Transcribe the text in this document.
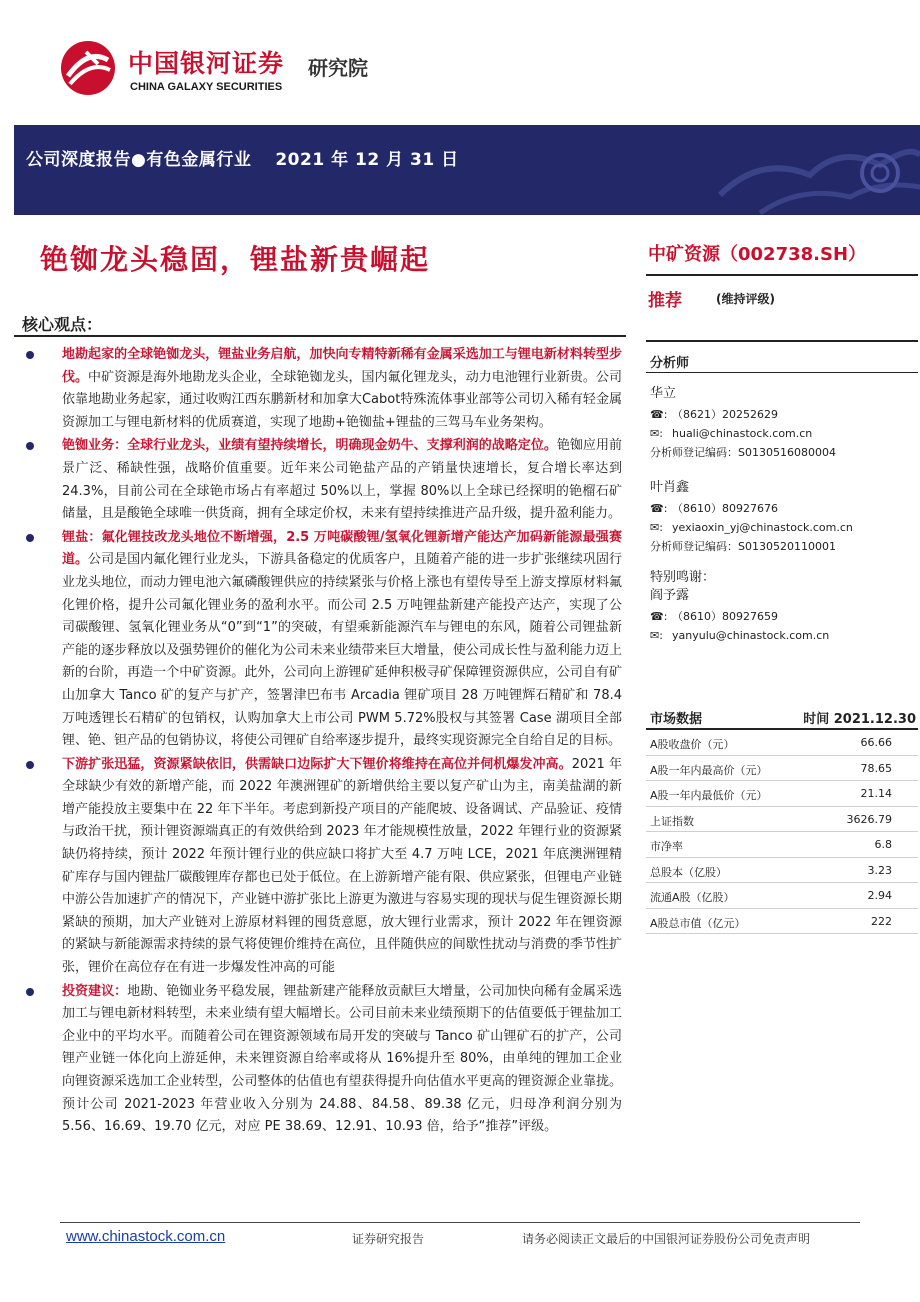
中国银河证券
CHINA GALAXY SECURITIES
研究院
公司深度报告●有色金属行业 2021 年 12 月 31 日
铯铷龙头稳固，锂盐新贵崛起
核心观点：
地勘起家的全球铯铷龙头，锂盐业务启航，加快向专精特新稀有金属采选加工与锂电新材料转型步伐。中矿资源是海外地勘龙头企业，全球铯铷龙头，国内氟化锂龙头，动力电池锂行业新贵。公司依靠地勘业务起家，通过收购江西东鹏新材和加拿大Cabot特殊流体事业部等公司切入稀有轻金属资源加工与锂电新材料的优质赛道，实现了地勘+铯铷盐+锂盐的三驾马车业务架构。
铯铷业务：全球行业龙头，业绩有望持续增长，明确现金奶牛、支撑利润的战略定位。铯铷应用前景广泛、稀缺性强，战略价值重要。近年来公司铯盐产品的产销量快速增长，复合增长率达到 24.3%，目前公司在全球铯市场占有率超过 50%以上，掌握 80%以上全球已经探明的铯榴石矿储量，且是酸铯全球唯一供货商，拥有全球定价权，未来有望持续推进产品升级，提升盈利能力。
锂盐：氟化锂技改龙头地位不断增强，2.5 万吨碳酸锂/氢氧化锂新增产能达产加码新能源最强赛道。公司是国内氟化锂行业龙头，下游具备稳定的优质客户，且随着产能的进一步扩张继续巩固行业龙头地位，而动力锂电池六氟磷酸锂供应的持续紧张与价格上涨也有望传导至上游支撑原材料氟化锂价格，提升公司氟化锂业务的盈利水平。而公司 2.5 万吨锂盐新建产能投产达产，实现了公司碳酸锂、氢氧化锂业务从“0”到“1”的突破，有望乘新能源汽车与锂电的东风，随着公司锂盐新产能的逐步释放以及强势锂价的催化为公司未来业绩带来巨大增量，使公司成长性与盈利能力迈上新的台阶，再造一个中矿资源。此外，公司向上游锂矿延伸积极寻矿保障锂资源供应，公司自有矿山加拿大 Tanco 矿的复产与扩产，签署津巴布韦 Arcadia 锂矿项目 28 万吨锂辉石精矿和 78.4 万吨透锂长石精矿的包销权，认购加拿大上市公司 PWM 5.72%股权与其签署 Case 湖项目全部锂、铯、钽产品的包销协议，将使公司锂矿自给率逐步提升，最终实现资源完全自给自足的目标。
下游扩张迅猛，资源紧缺依旧，供需缺口边际扩大下锂价将维持在高位并伺机爆发冲高。2021 年全球缺少有效的新增产能，而 2022 年澳洲锂矿的新增供给主要以复产矿山为主，南美盐湖的新增产能投放主要集中在 22 年下半年。考虑到新投产项目的产能爬坡、设备调试、产品验证、疫情与政治干扰，预计锂资源端真正的有效供给到 2023 年才能规模性放量，2022 年锂行业的资源紧缺仍将持续，预计 2022 年预计锂行业的供应缺口将扩大至 4.7 万吨 LCE，2021 年底澳洲锂精矿库存与国内锂盐厂碳酸锂库存都也已处于低位。在上游新增产能有限、供应紧张，但锂电产业链中游公告加速扩产的情况下，产业链中游扩张比上游更为激进与容易实现的现状与促生锂资源长期紧缺的预期，加大产业链对上游原材料锂的囤货意愿，放大锂行业需求，预计 2022 年在锂资源的紧缺与新能源需求持续的景气将使锂价维持在高位，且伴随供应的间歇性扰动与消费的季节性扩张，锂价在高位存在有进一步爆发性冲高的可能
投资建议：地勘、铯铷业务平稳发展，锂盐新建产能释放贡献巨大增量，公司加快向稀有金属采选加工与锂电新材料转型，未来业绩有望大幅增长。公司目前未来业绩预期下的估值要低于锂盐加工企业中的平均水平。而随着公司在锂资源领域布局开发的突破与 Tanco 矿山锂矿石的扩产，公司锂产业链一体化向上游延伸，未来锂资源自给率或将从 16%提升至 80%，由单纯的锂加工企业向锂资源采选加工企业转型，公司整体的估值也有望获得提升向估值水平更高的锂资源企业靠拢。预计公司 2021-2023 年营业收入分别为 24.88、84.58、89.38 亿元，归母净利润分别为 5.56、16.69、19.70 亿元，对应 PE 38.69、12.91、10.93 倍，给予“推荐”评级。
中矿资源（002738.SH）
推荐	(维持评级)
分析师
华立
☎: （8621）20252629
✉: huali@chinastock.com.cn
分析师登记编码：S0130516080004
叶肖鑫
☎: （8610）80927676
✉: yexiaoxin_yj@chinastock.com.cn
分析师登记编码：S0130520110001
特别鸣谢：
阎予露
☎: （8610）80927659
✉: yanyulu@chinastock.com.cn
市场数据	时间 2021.12.30
A股收盘价（元）	66.66
A股一年内最高价（元）	78.65
A股一年内最低价（元）	21.14
上证指数	3626.79
市净率	6.8
总股本（亿股）	3.23
流通A股（亿股）	2.94
A股总市值（亿元）	222
www.chinastock.com.cn	证券研究报告	请务必阅读正文最后的中国银河证券股份公司免责声明
